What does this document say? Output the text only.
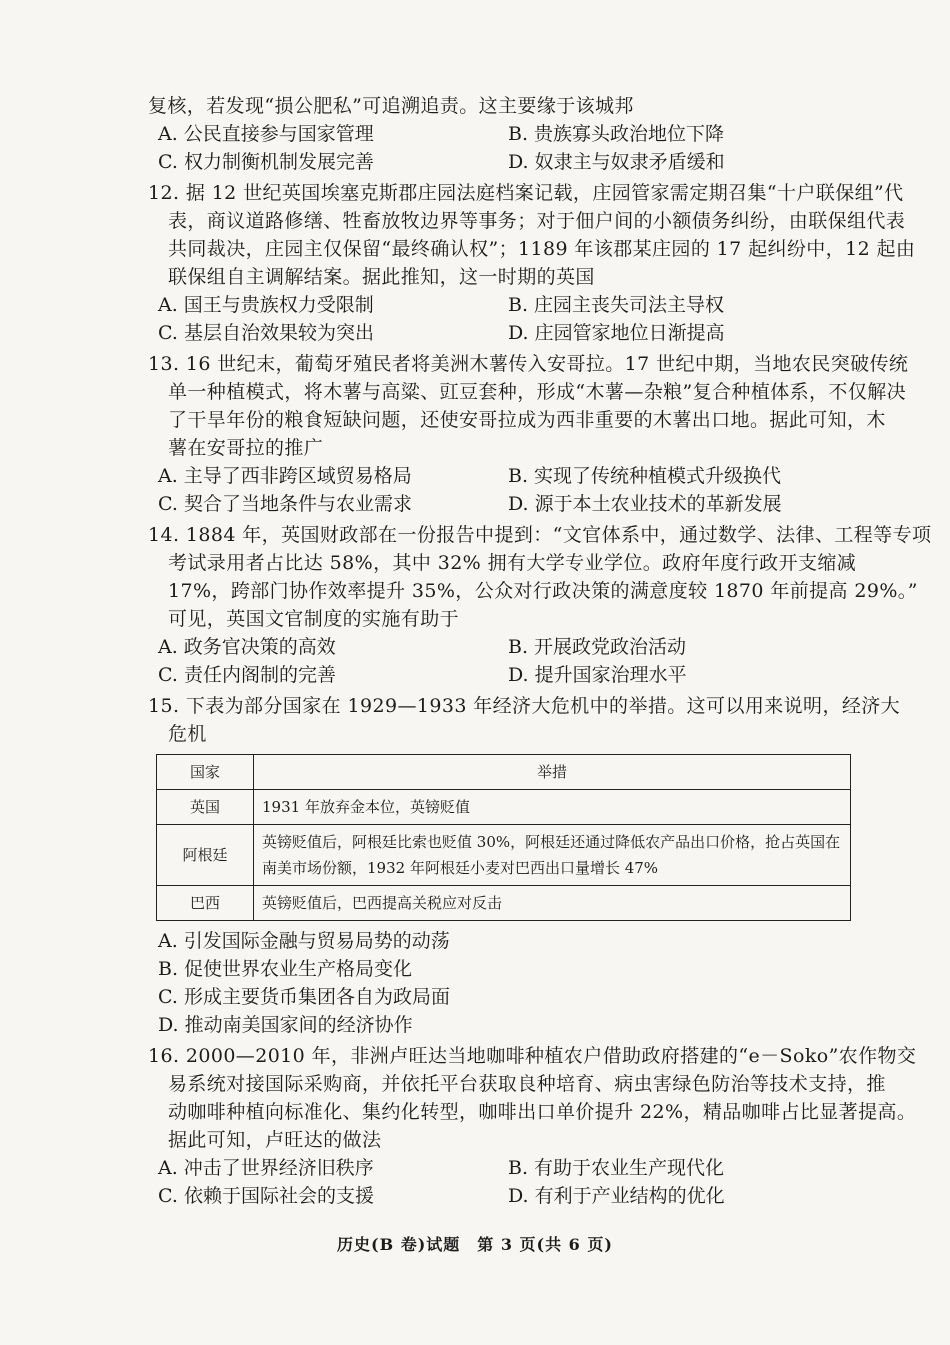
复核，若发现“损公肥私”可追溯追责。这主要缘于该城邦
A. 公民直接参与国家管理	B. 贵族寡头政治地位下降
C. 权力制衡机制发展完善	D. 奴隶主与奴隶矛盾缓和
12. 据 12 世纪英国埃塞克斯郡庄园法庭档案记载，庄园管家需定期召集“十户联保组”代
表，商议道路修缮、牲畜放牧边界等事务；对于佃户间的小额债务纠纷，由联保组代表
共同裁决，庄园主仅保留“最终确认权”；1189 年该郡某庄园的 17 起纠纷中，12 起由
联保组自主调解结案。据此推知，这一时期的英国
A. 国王与贵族权力受限制	B. 庄园主丧失司法主导权
C. 基层自治效果较为突出	D. 庄园管家地位日渐提高
13. 16 世纪末，葡萄牙殖民者将美洲木薯传入安哥拉。17 世纪中期，当地农民突破传统
单一种植模式，将木薯与高粱、豇豆套种，形成“木薯—杂粮”复合种植体系，不仅解决
了干旱年份的粮食短缺问题，还使安哥拉成为西非重要的木薯出口地。据此可知，木
薯在安哥拉的推广
A. 主导了西非跨区域贸易格局	B. 实现了传统种植模式升级换代
C. 契合了当地条件与农业需求	D. 源于本土农业技术的革新发展
14. 1884 年，英国财政部在一份报告中提到：“文官体系中，通过数学、法律、工程等专项
考试录用者占比达 58%，其中 32% 拥有大学专业学位。政府年度行政开支缩减
17%，跨部门协作效率提升 35%，公众对行政决策的满意度较 1870 年前提高 29%。”
可见，英国文官制度的实施有助于
A. 政务官决策的高效	B. 开展政党政治活动
C. 责任内阁制的完善	D. 提升国家治理水平
15. 下表为部分国家在 1929—1933 年经济大危机中的举措。这可以用来说明，经济大
危机
国家	举措
英国	1931 年放弃金本位，英镑贬值
阿根廷	英镑贬值后，阿根廷比索也贬值 30%，阿根廷还通过降低农产品出口价格，抢占英国在南美市场份额，1932 年阿根廷小麦对巴西出口量增长 47%
巴西	英镑贬值后，巴西提高关税应对反击
A. 引发国际金融与贸易局势的动荡
B. 促使世界农业生产格局变化
C. 形成主要货币集团各自为政局面
D. 推动南美国家间的经济协作
16. 2000—2010 年，非洲卢旺达当地咖啡种植农户借助政府搭建的“e－Soko”农作物交
易系统对接国际采购商，并依托平台获取良种培育、病虫害绿色防治等技术支持，推
动咖啡种植向标准化、集约化转型，咖啡出口单价提升 22%，精品咖啡占比显著提高。
据此可知，卢旺达的做法
A. 冲击了世界经济旧秩序	B. 有助于农业生产现代化
C. 依赖于国际社会的支援	D. 有利于产业结构的优化
历史(B 卷)试题　第 3 页(共 6 页)
